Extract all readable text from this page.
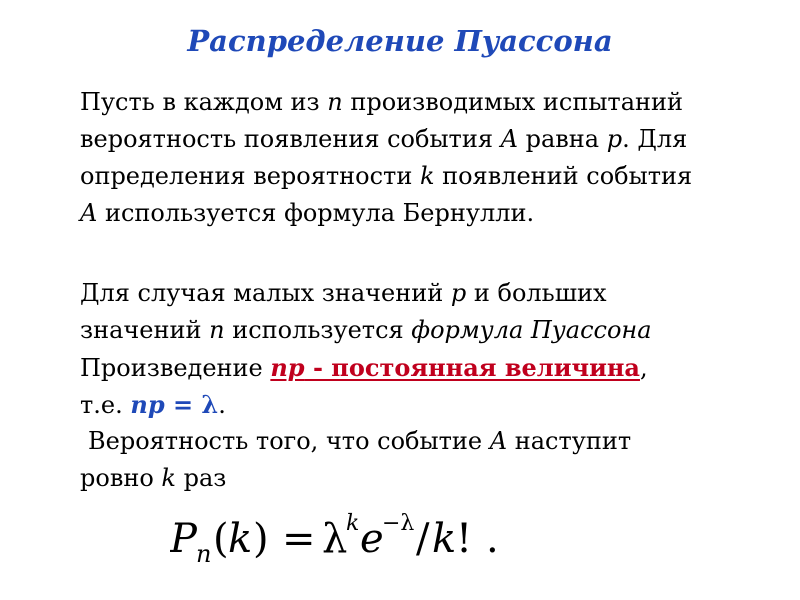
Распределение Пуассона
Пусть в каждом из n производимых испытаний
вероятность появления события A равна p. Для
определения вероятности k появлений события
A используется формула Бернулли.
Для случая малых значений p и больших
значений n используется формула Пуассона
Произведение np - постоянная величина,
т.е. np = λ.
Вероятность того, что событие A наступит
ровно k раз
P n ( k ) = λ
k e
−λ / k ! .
